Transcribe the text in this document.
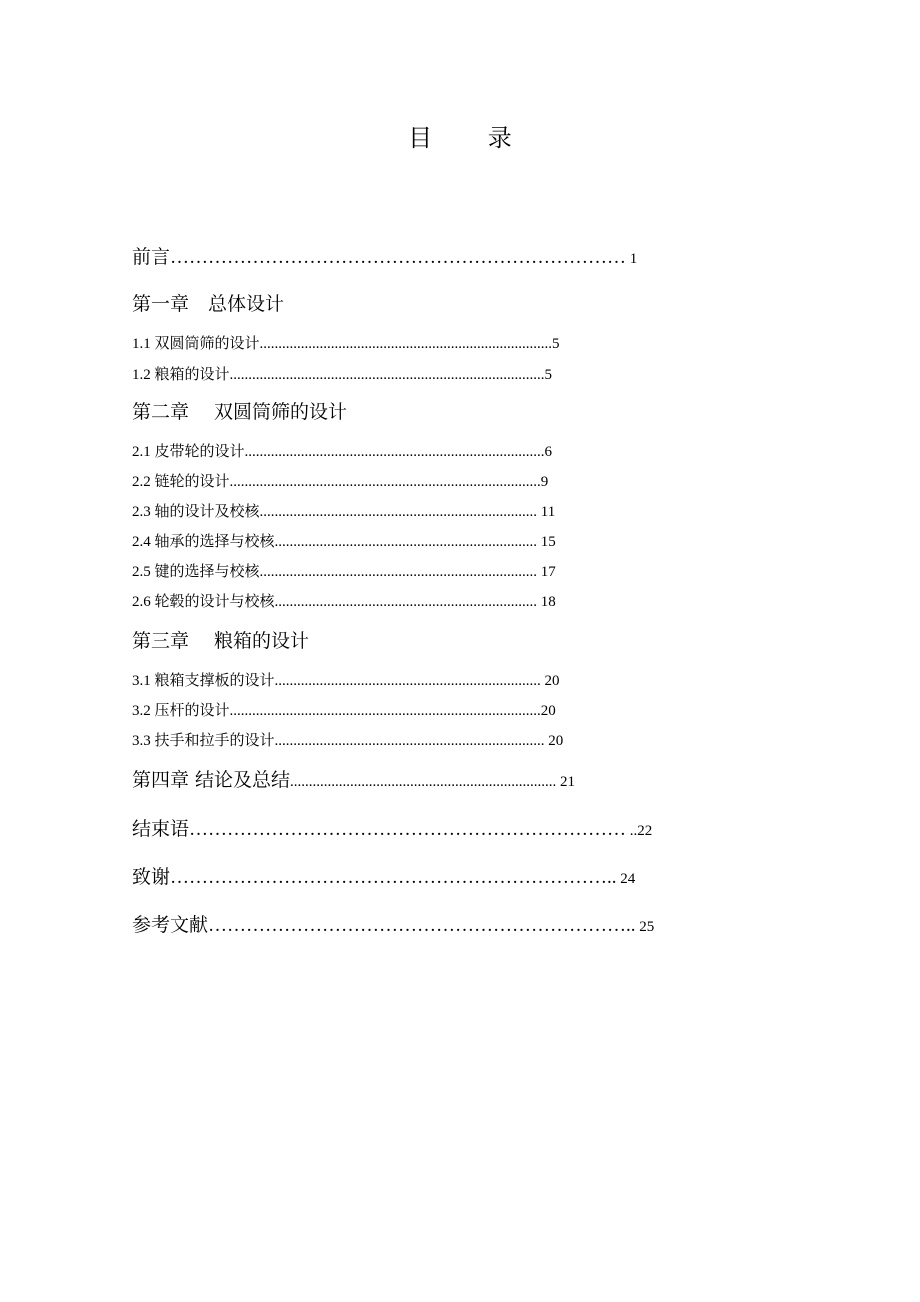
目 录
前言……………………………………………………………… 1
第一章　总体设计
1.1 双圆筒筛的设计..............................................................................5
1.2 粮箱的设计....................................................................................5
第二章　 双圆筒筛的设计
2.1 皮带轮的设计................................................................................6
2.2 链轮的设计...................................................................................9
2.3 轴的设计及校核.......................................................................... 11
2.4 轴承的选择与校核...................................................................... 15
2.5 键的选择与校核.......................................................................... 17
2.6 轮毂的设计与校核...................................................................... 18
第三章　 粮箱的设计
3.1 粮箱支撑板的设计....................................................................... 20
3.2 压杆的设计...................................................................................20
3.3 扶手和拉手的设计........................................................................ 20
第四章 结论及总结....................................................................... 21
结束语…………………………………………………………… ..22
致谢…………………………………………………………….. 24
参考文献………………………………………………………….. 25
